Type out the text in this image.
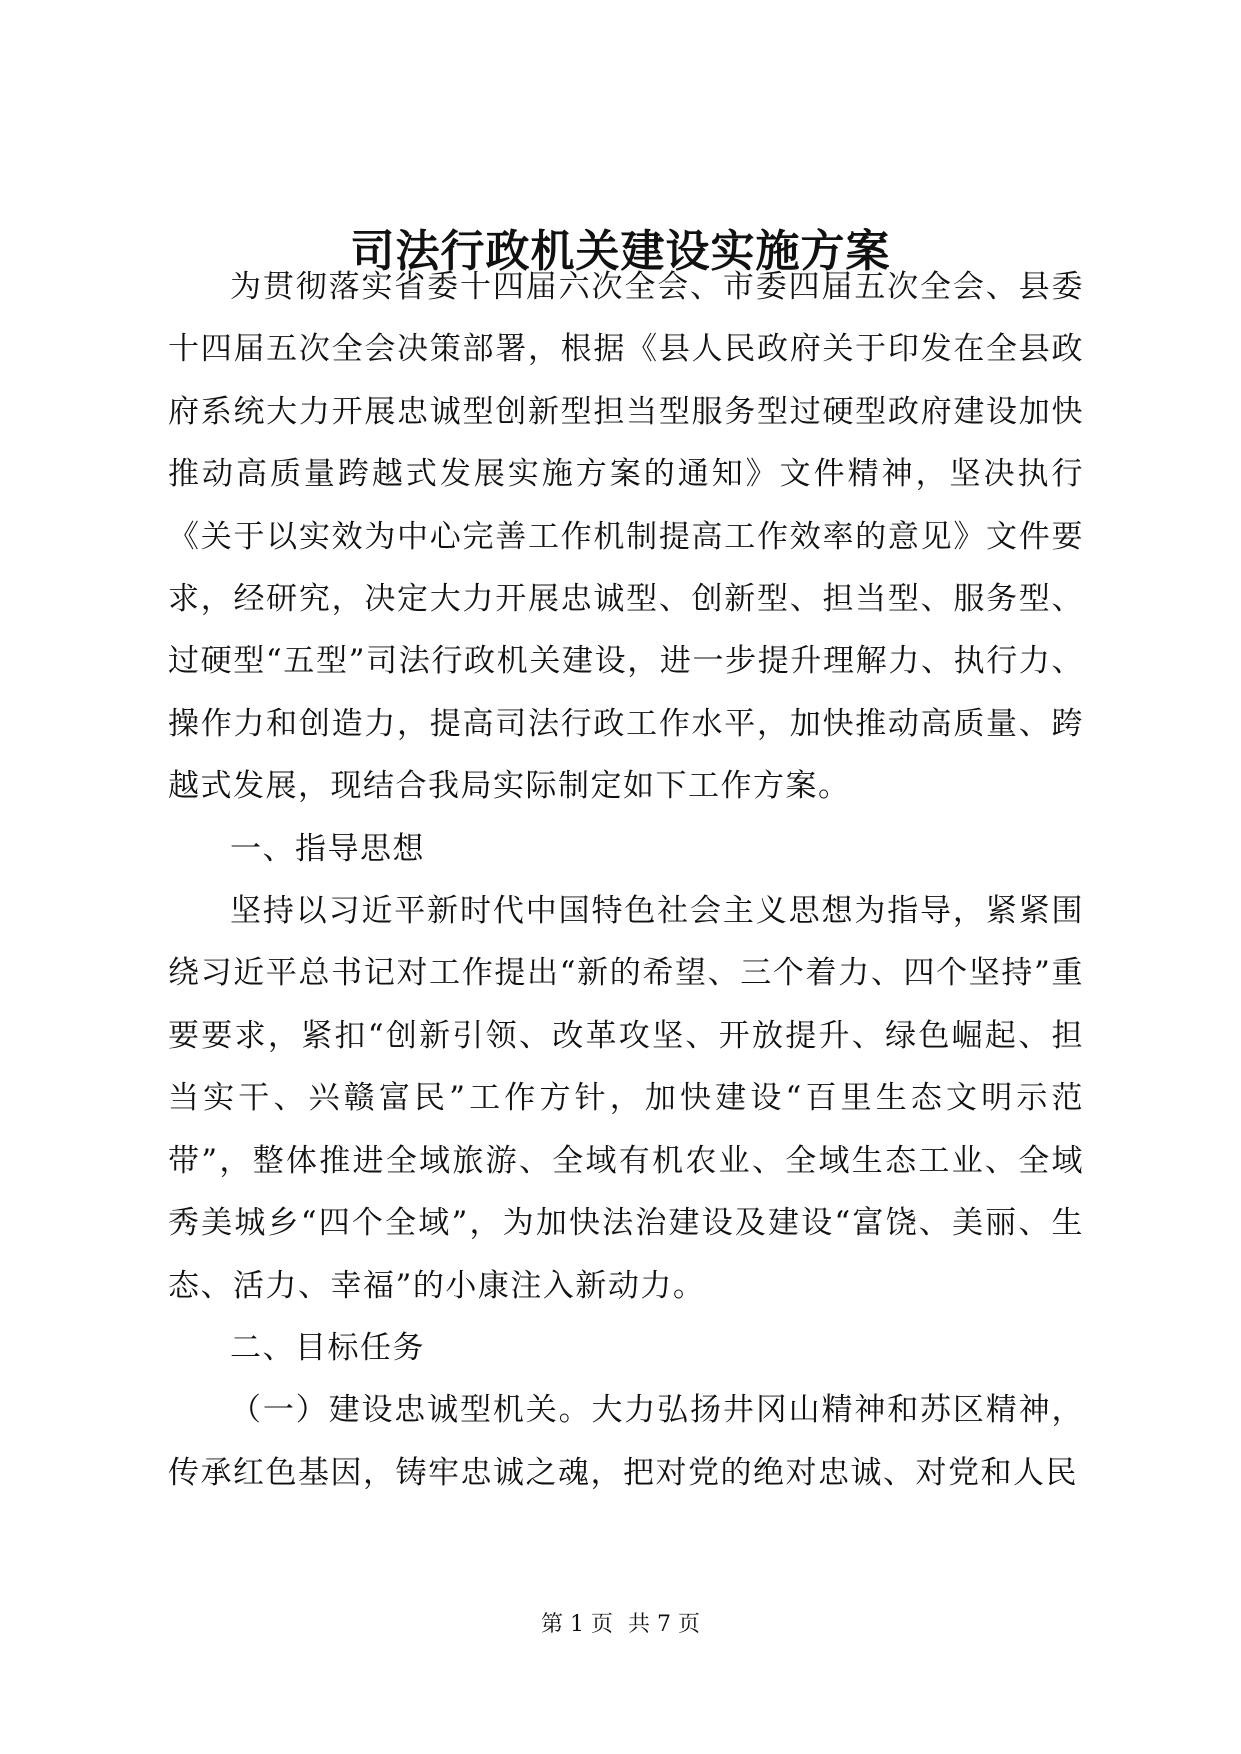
司法行政机关建设实施方案

为贯彻落实省委十四届六次全会、市委四届五次全会、县委十四届五次全会决策部署，根据《县人民政府关于印发在全县政府系统大力开展忠诚型创新型担当型服务型过硬型政府建设加快推动高质量跨越式发展实施方案的通知》文件精神，坚决执行《关于以实效为中心完善工作机制提高工作效率的意见》文件要求，经研究，决定大力开展忠诚型、创新型、担当型、服务型、过硬型“五型”司法行政机关建设，进一步提升理解力、执行力、操作力和创造力，提高司法行政工作水平，加快推动高质量、跨越式发展，现结合我局实际制定如下工作方案。

一、指导思想

坚持以习近平新时代中国特色社会主义思想为指导，紧紧围绕习近平总书记对工作提出“新的希望、三个着力、四个坚持”重要要求，紧扣“创新引领、改革攻坚、开放提升、绿色崛起、担当实干、兴赣富民”工作方针，加快建设“百里生态文明示范带”，整体推进全域旅游、全域有机农业、全域生态工业、全域秀美城乡“四个全域”，为加快法治建设及建设“富饶、美丽、生态、活力、幸福”的小康注入新动力。

二、目标任务

（一）建设忠诚型机关。大力弘扬井冈山精神和苏区精神，传承红色基因，铸牢忠诚之魂，把对党的绝对忠诚、对党和人民

第 1 页 共 7 页
